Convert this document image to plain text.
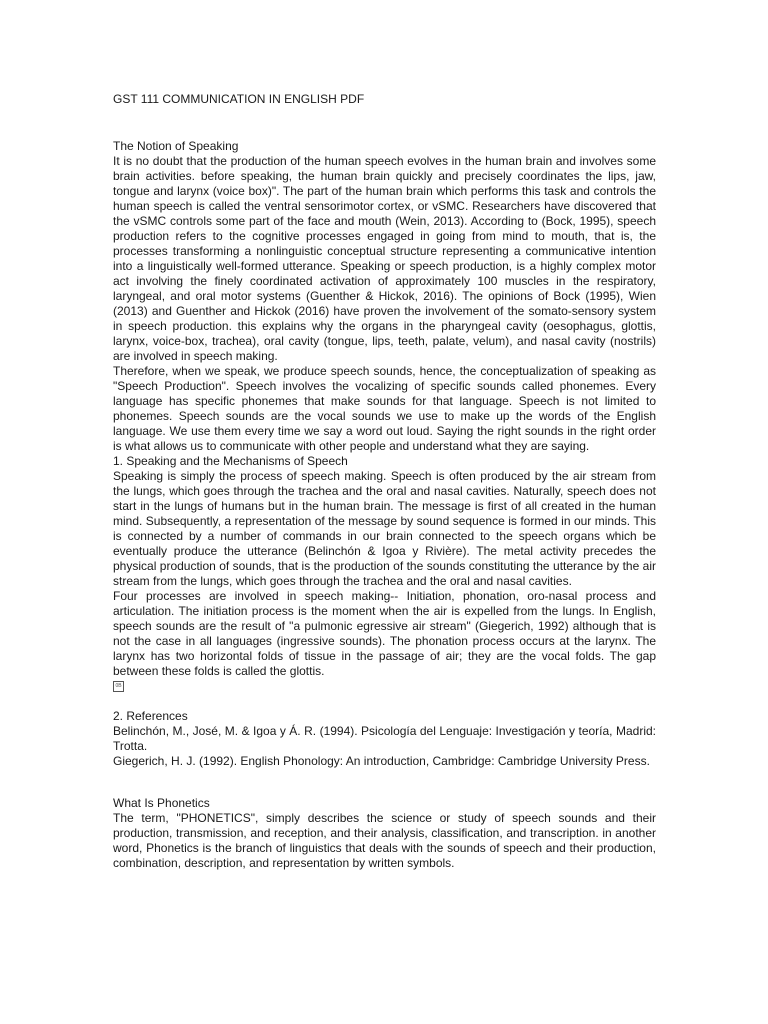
GST 111 COMMUNICATION IN ENGLISH PDF
The Notion of Speaking

It is no doubt that the production of the human speech evolves in the human brain and involves some brain activities. before speaking, the human brain quickly and precisely coordinates the lips, jaw, tongue and larynx (voice box)". The part of the human brain which performs this task and controls the human speech is called the ventral sensorimotor cortex, or vSMC. Researchers have discovered that the vSMC controls some part of the face and mouth (Wein, 2013). According to (Bock, 1995), speech production refers to the cognitive processes engaged in going from mind to mouth, that is, the processes transforming a nonlinguistic conceptual structure representing a communicative intention into a linguistically well-formed utterance. Speaking or speech production, is a highly complex motor act involving the finely coordinated activation of approximately 100 muscles in the respiratory, laryngeal, and oral motor systems (Guenther & Hickok, 2016). The opinions of Bock (1995), Wien (2013) and Guenther and Hickok (2016) have proven the involvement of the somato-sensory system in speech production. this explains why the organs in the pharyngeal cavity (oesophagus, glottis, larynx, voice-box, trachea), oral cavity (tongue, lips, teeth, palate, velum), and nasal cavity (nostrils) are involved in speech making.

Therefore, when we speak, we produce speech sounds, hence, the conceptualization of speaking as "Speech Production". Speech involves the vocalizing of specific sounds called phonemes. Every language has specific phonemes that make sounds for that language. Speech is not limited to phonemes. Speech sounds are the vocal sounds we use to make up the words of the English language. We use them every time we say a word out loud. Saying the right sounds in the right order is what allows us to communicate with other people and understand what they are saying.

1. Speaking and the Mechanisms of Speech

Speaking is simply the process of speech making. Speech is often produced by the air stream from the lungs, which goes through the trachea and the oral and nasal cavities. Naturally, speech does not start in the lungs of humans but in the human brain. The message is first of all created in the human mind. Subsequently, a representation of the message by sound sequence is formed in our minds. This is connected by a number of commands in our brain connected to the speech organs which be eventually produce the utterance (Belinchón & Igoa y Rivière). The metal activity precedes the physical production of sounds, that is the production of the sounds constituting the utterance by the air stream from the lungs, which goes through the trachea and the oral and nasal cavities.

Four processes are involved in speech making-- Initiation, phonation, oro-nasal process and articulation. The initiation process is the moment when the air is expelled from the lungs. In English, speech sounds are the result of "a pulmonic egressive air stream" (Giegerich, 1992) although that is not the case in all languages (ingressive sounds). The phonation process occurs at the larynx. The larynx has two horizontal folds of tissue in the passage of air; they are the vocal folds. The gap between these folds is called the glottis.

0B
2. References

Belinchón, M., José, M. & Igoa y Á. R. (1994). Psicología del Lenguaje: Investigación y teoría, Madrid: Trotta.

Giegerich, H. J. (1992). English Phonology: An introduction, Cambridge: Cambridge University Press.

What Is Phonetics

The term, "PHONETICS", simply describes the science or study of speech sounds and their production, transmission, and reception, and their analysis, classification, and transcription. in another word, Phonetics is the branch of linguistics that deals with the sounds of speech and their production, combination, description, and representation by written symbols.
